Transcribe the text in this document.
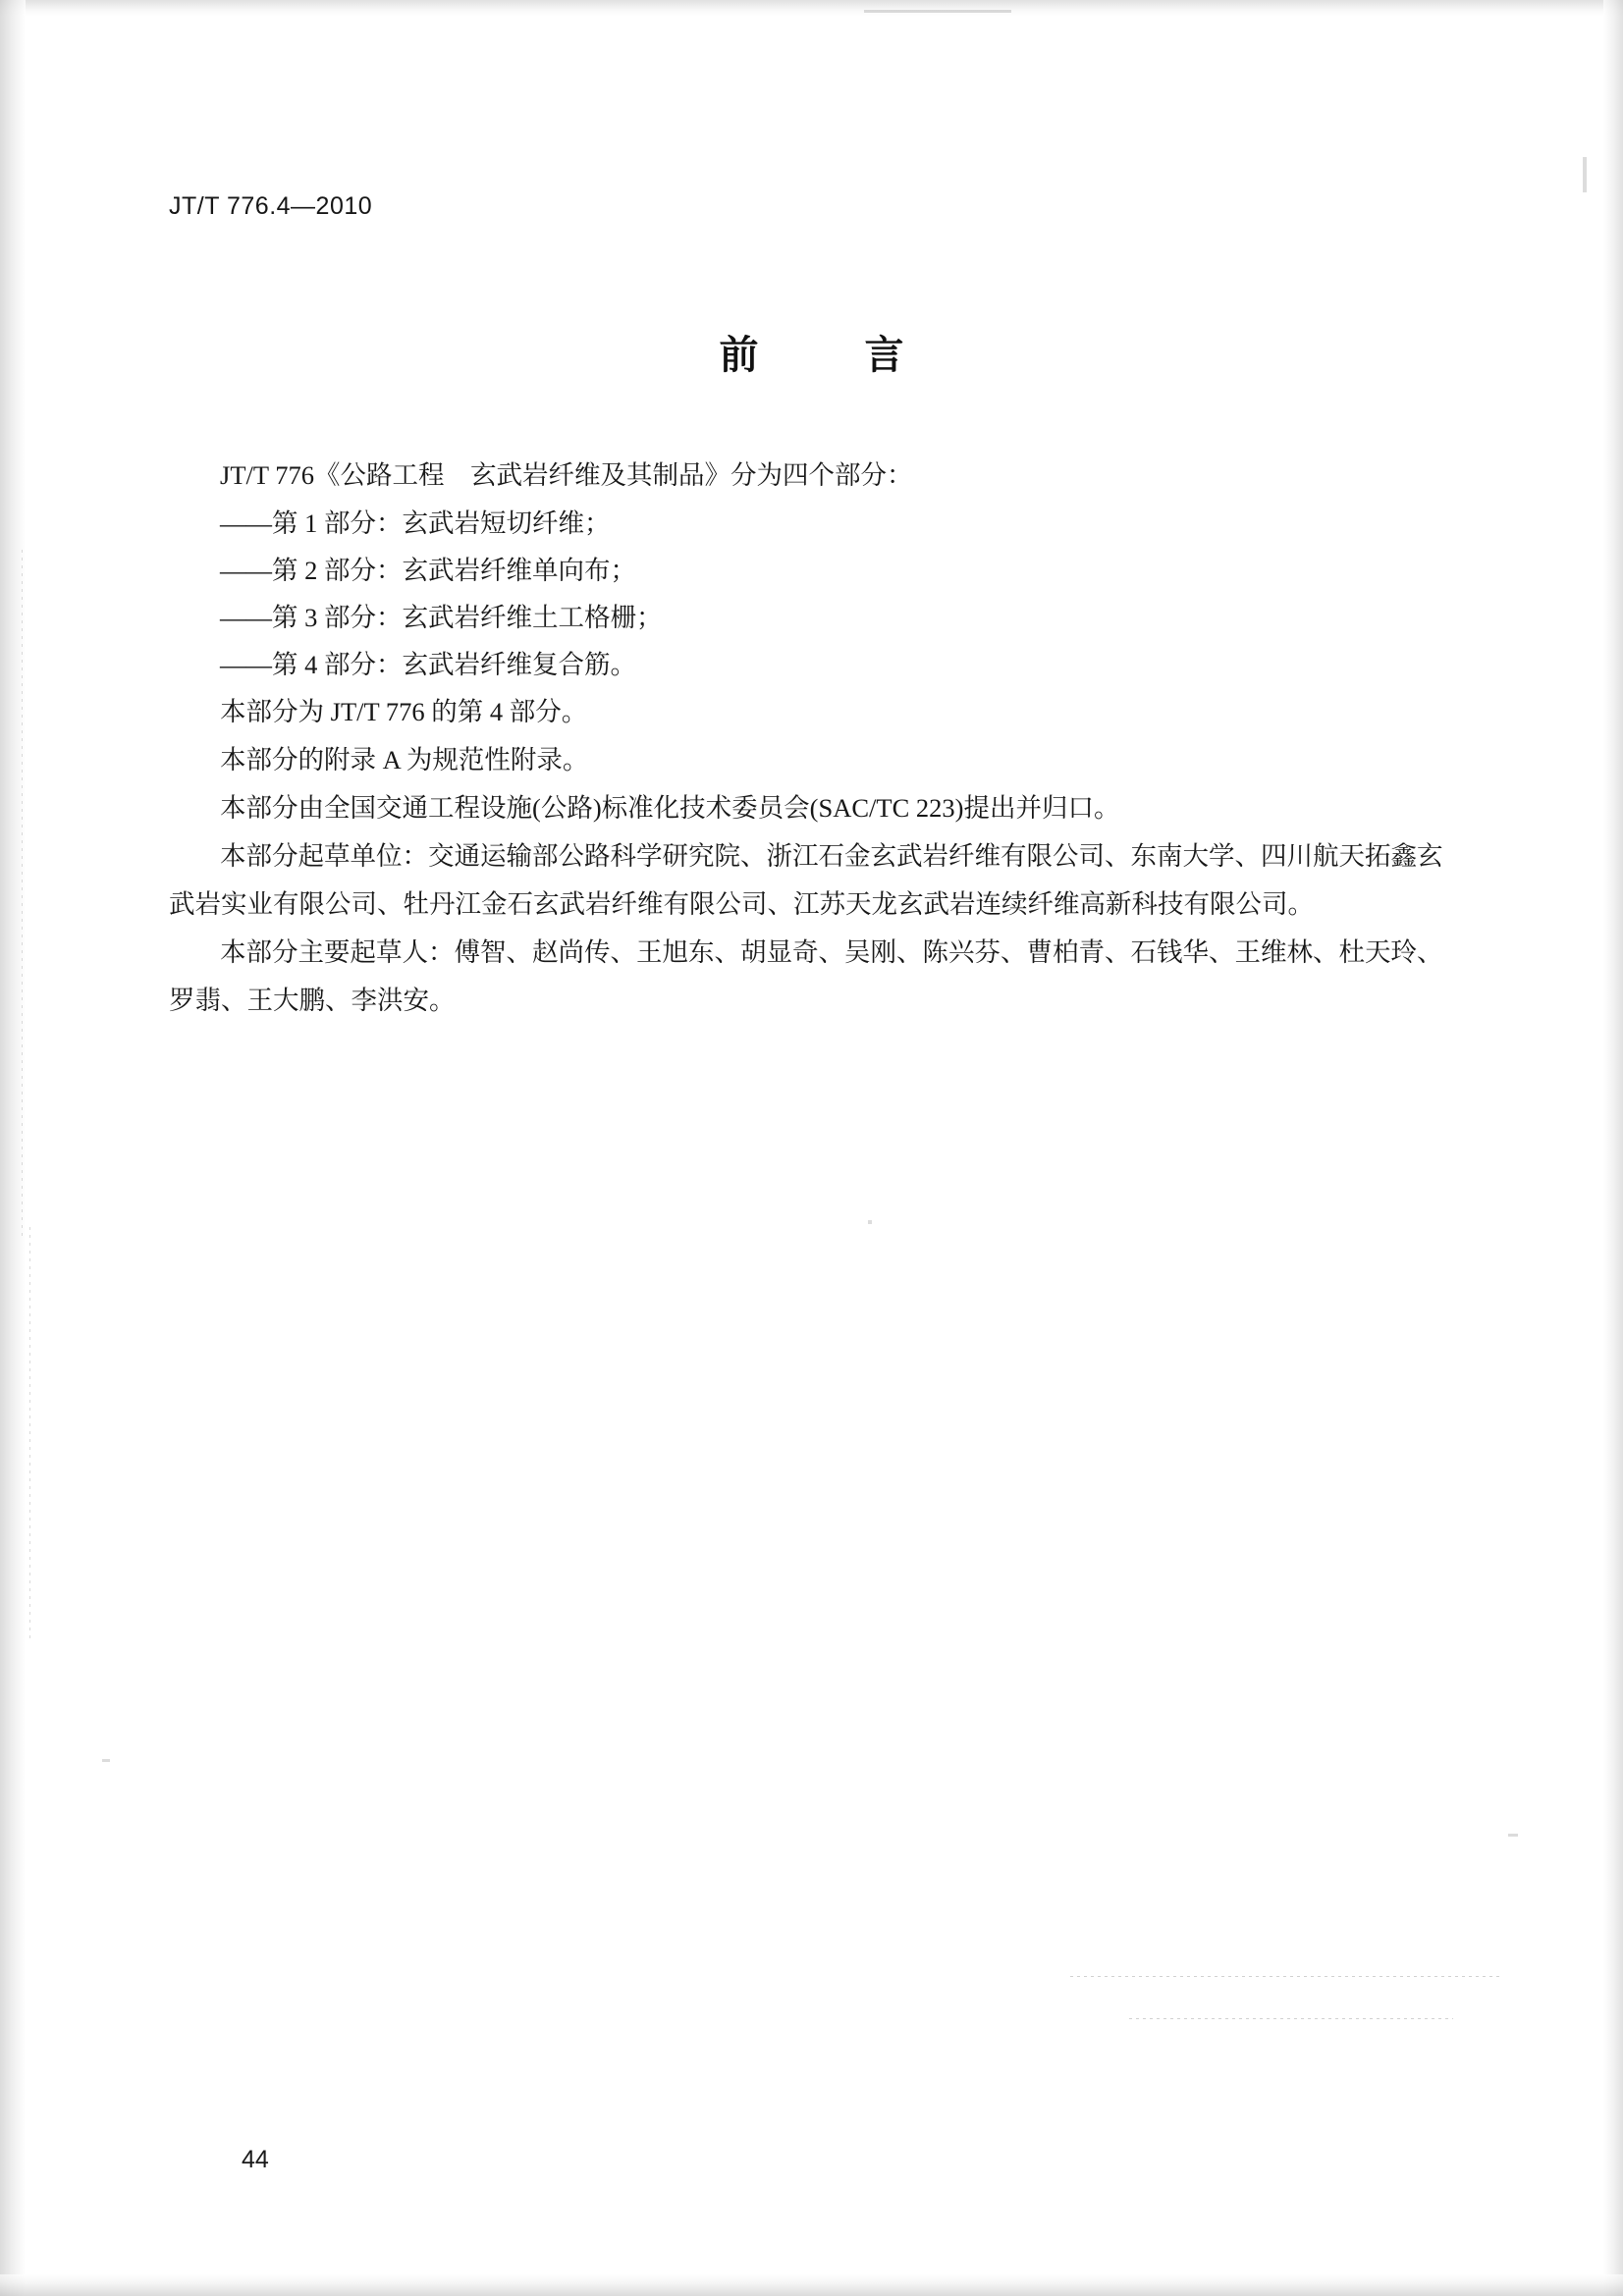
JT/T 776.4—2010
前　言

JT/T 776《公路工程　玄武岩纤维及其制品》分为四个部分：

——第 1 部分：玄武岩短切纤维；

——第 2 部分：玄武岩纤维单向布；

——第 3 部分：玄武岩纤维土工格栅；

——第 4 部分：玄武岩纤维复合筋。

本部分为 JT/T 776 的第 4 部分。

本部分的附录 A 为规范性附录。

本部分由全国交通工程设施(公路)标准化技术委员会(SAC/TC 223)提出并归口。

本部分起草单位：交通运输部公路科学研究院、浙江石金玄武岩纤维有限公司、东南大学、四川航天拓鑫玄武岩实业有限公司、牡丹江金石玄武岩纤维有限公司、江苏天龙玄武岩连续纤维高新科技有限公司。

本部分主要起草人：傅智、赵尚传、王旭东、胡显奇、吴刚、陈兴芬、曹柏青、石钱华、王维林、杜天玲、罗翡、王大鹏、李洪安。

44
